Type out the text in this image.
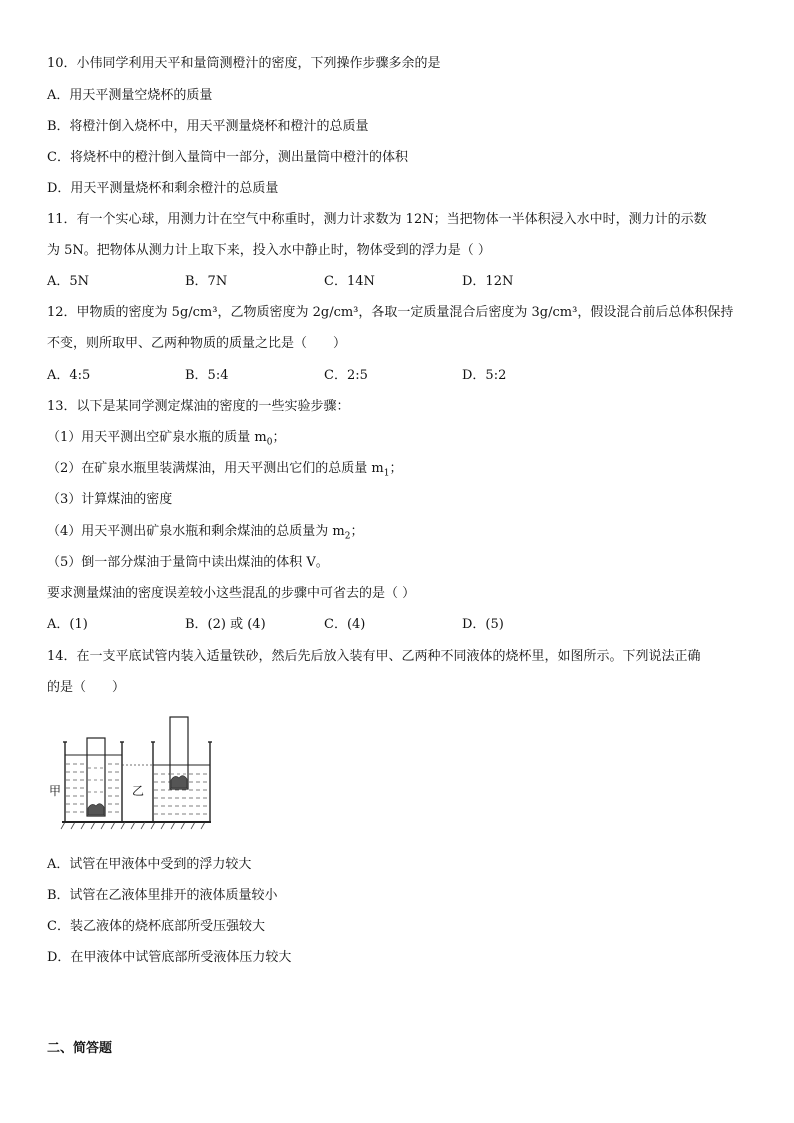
10．小伟同学利用天平和量筒测橙汁的密度，下列操作步骤多余的是
A．用天平测量空烧杯的质量
B．将橙汁倒入烧杯中，用天平测量烧杯和橙汁的总质量
C．将烧杯中的橙汁倒入量筒中一部分，测出量筒中橙汁的体积
D．用天平测量烧杯和剩余橙汁的总质量
11．有一个实心球，用测力计在空气中称重时，测力计求数为 12N；当把物体一半体积浸入水中时，测力计的示数
为 5N。把物体从测力计上取下来，投入水中静止时，物体受到的浮力是（ ）
A．5N	B．7N	C．14N	D．12N
12．甲物质的密度为 5g/cm³，乙物质密度为 2g/cm³，各取一定质量混合后密度为 3g/cm³，假设混合前后总体积保持
不变，则所取甲、乙两种物质的质量之比是（　　）
A．4:5	B．5:4	C．2:5	D．5:2
13．以下是某同学测定煤油的密度的一些实验步骤：
（1）用天平测出空矿泉水瓶的质量 $m_0$；
（2）在矿泉水瓶里装满煤油，用天平测出它们的总质量 $m_1$；
（3）计算煤油的密度
（4）用天平测出矿泉水瓶和剩余煤油的总质量为 $m_2$；
（5）倒一部分煤油于量筒中读出煤油的体积 V。
要求测量煤油的密度误差较小这些混乱的步骤中可省去的是（ ）
A．(1)	B．(2) 或 (4)	C．(4)	D．(5)
14．在一支平底试管内装入适量铁砂，然后先后放入装有甲、乙两种不同液体的烧杯里，如图所示。下列说法正确
的是（　　）
甲	乙
A．试管在甲液体中受到的浮力较大
B．试管在乙液体里排开的液体质量较小
C．装乙液体的烧杯底部所受压强较大
D．在甲液体中试管底部所受液体压力较大
二、简答题
